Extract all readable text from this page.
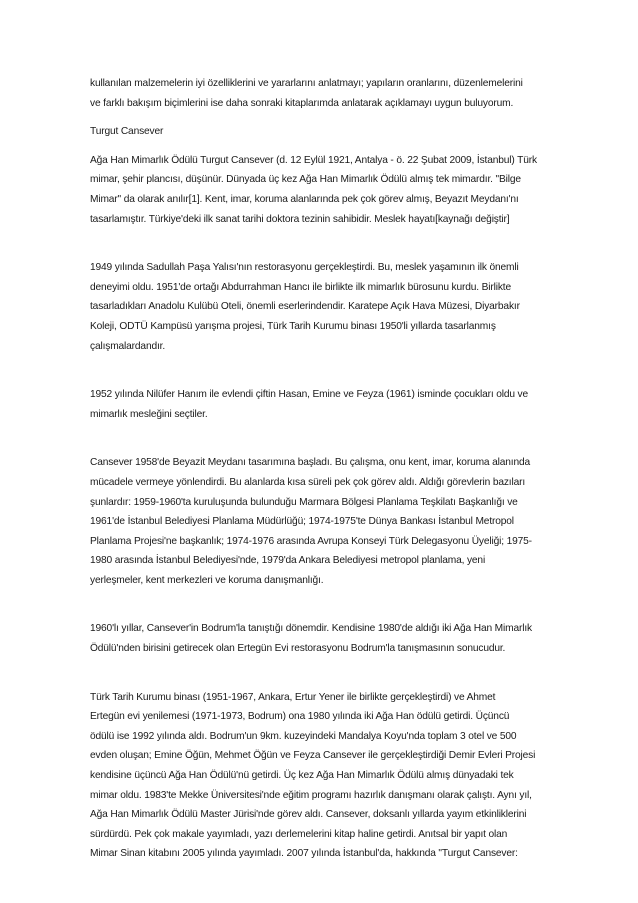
kullanılan malzemelerin iyi özelliklerini ve yararlarını anlatmayı; yapıların oranlarını, düzenlemelerini
ve farklı bakışım biçimlerini ise daha sonraki kitaplarımda anlatarak açıklamayı uygun buluyorum.

Turgut Cansever

Ağa Han Mimarlık Ödülü Turgut Cansever (d. 12 Eylül 1921, Antalya - ö. 22 Şubat 2009, İstanbul) Türk
mimar, şehir plancısı, düşünür. Dünyada üç kez Ağa Han Mimarlık Ödülü almış tek mimardır. "Bilge
Mimar" da olarak anılır[1]. Kent, imar, koruma alanlarında pek çok görev almış, Beyazıt Meydanı'nı
tasarlamıştır. Türkiye'deki ilk sanat tarihi doktora tezinin sahibidir. Meslek hayatı[kaynağı değiştir]

1949 yılında Sadullah Paşa Yalısı'nın restorasyonu gerçekleştirdi. Bu, meslek yaşamının ilk önemli
deneyimi oldu. 1951'de ortağı Abdurrahman Hancı ile birlikte ilk mimarlık bürosunu kurdu. Birlikte
tasarladıkları Anadolu Kulübü Oteli, önemli eserlerindendir. Karatepe Açık Hava Müzesi, Diyarbakır
Koleji, ODTÜ Kampüsü yarışma projesi, Türk Tarih Kurumu binası 1950'li yıllarda tasarlanmış
çalışmalardandır.

1952 yılında Nilüfer Hanım ile evlendi çiftin Hasan, Emine ve Feyza (1961) isminde çocukları oldu ve
mimarlık mesleğini seçtiler.

Cansever 1958'de Beyazit Meydanı tasarımına başladı. Bu çalışma, onu kent, imar, koruma alanında
mücadele vermeye yönlendirdi. Bu alanlarda kısa süreli pek çok görev aldı. Aldığı görevlerin bazıları
şunlardır: 1959-1960'ta kuruluşunda bulunduğu Marmara Bölgesi Planlama Teşkilatı Başkanlığı ve
1961'de İstanbul Belediyesi Planlama Müdürlüğü; 1974-1975'te Dünya Bankası İstanbul Metropol
Planlama Projesi'ne başkanlık; 1974-1976 arasında Avrupa Konseyi Türk Delegasyonu Üyeliği; 1975-
1980 arasında İstanbul Belediyesi'nde, 1979'da Ankara Belediyesi metropol planlama, yeni
yerleşmeler, kent merkezleri ve koruma danışmanlığı.

1960'lı yıllar, Cansever'in Bodrum'la tanıştığı dönemdir. Kendisine 1980'de aldığı iki Ağa Han Mimarlık
Ödülü'nden birisini getirecek olan Ertegün Evi restorasyonu Bodrum'la tanışmasının sonucudur.

Türk Tarih Kurumu binası (1951-1967, Ankara, Ertur Yener ile birlikte gerçekleştirdi) ve Ahmet
Ertegün evi yenilemesi (1971-1973, Bodrum) ona 1980 yılında iki Ağa Han ödülü getirdi. Üçüncü
ödülü ise 1992 yılında aldı. Bodrum'un 9km. kuzeyindeki Mandalya Koyu'nda toplam 3 otel ve 500
evden oluşan; Emine Öğün, Mehmet Öğün ve Feyza Cansever ile gerçekleştirdiği Demir Evleri Projesi
kendisine üçüncü Ağa Han Ödülü'nü getirdi. Üç kez Ağa Han Mimarlık Ödülü almış dünyadaki tek
mimar oldu. 1983'te Mekke Üniversitesi'nde eğitim programı hazırlık danışmanı olarak çalıştı. Aynı yıl,
Ağa Han Mimarlık Ödülü Master Jürisi'nde görev aldı. Cansever, doksanlı yıllarda yayım etkinliklerini
sürdürdü. Pek çok makale yayımladı, yazı derlemelerini kitap haline getirdi. Anıtsal bir yapıt olan
Mimar Sinan kitabını 2005 yılında yayımladı. 2007 yılında İstanbul'da, hakkında "Turgut Cansever:
